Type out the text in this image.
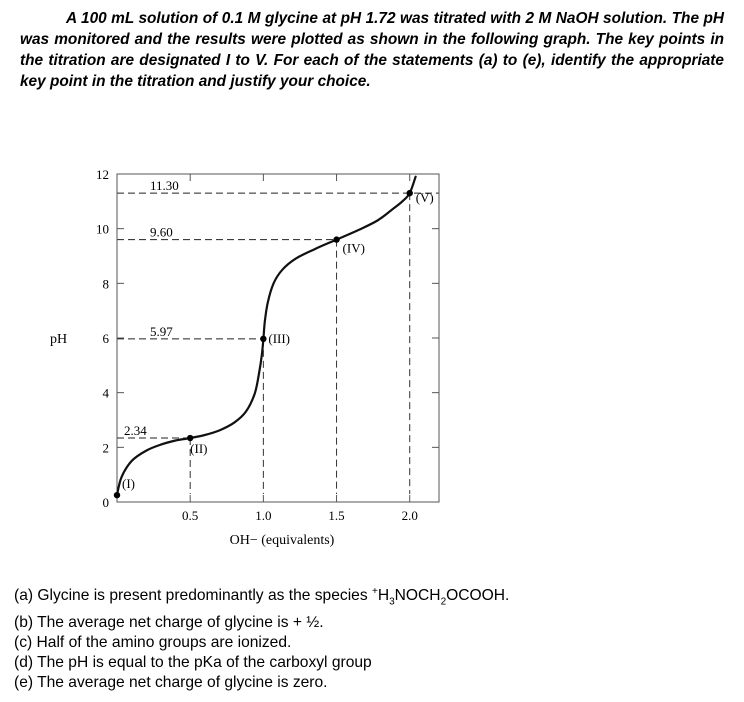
A 100 mL solution of 0.1 M glycine at pH 1.72 was titrated with 2 M NaOH solution. The pH was monitored and the results were plotted as shown in the following graph. The key points in the titration are designated I to V. For each of the statements (a) to (e), identify the appropriate key point in the titration and justify your choice.
2.34
5.97
9.60
11.30
0
2
4
6
8
10
12
0.5	1.0	1.5	2.0
(I)
(II)
(III)
(IV)
(V)
pH
OH− (equivalents)
(a) Glycine is present predominantly as the species $^+H_3NOCH_2OCOOH$.
(b) The average net charge of glycine is + ½.
(c) Half of the amino groups are ionized.
(d) The pH is equal to the pKa of the carboxyl group
(e) The average net charge of glycine is zero.
